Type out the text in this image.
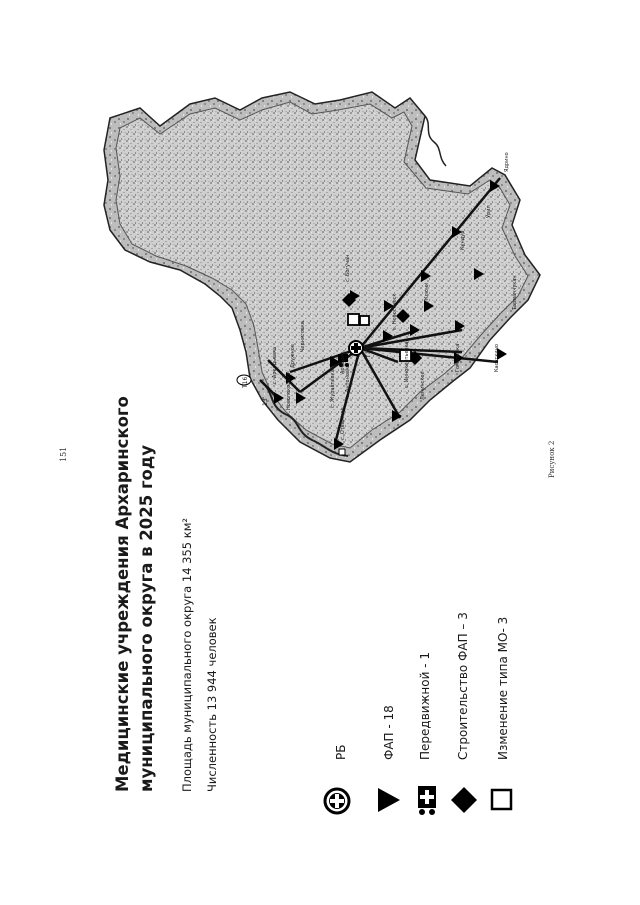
Т16
Т13
13
с. Аркадьевка Дружное
Черниговка
Новопокровка
с. Отважное
с. Антоновка	Ленинское
Ключи
Кундур
Урил
Ядрино
с. Богучан
Касаткино
с. Иннокентьевка	Гомелевка
с. Новоспасск
с. Журавлевка
Тарманчукан
Аркадие
151	Рисунок 2
Медицинские учреждения Архаринского муниципального округа в 2025 году Площадь муниципального округа 14 355 км² Численность 13 944 человек	РБ	ФАП - 18 Передвижной - 1 Строительство ФАП – 3 Изменение типа МО- 3
